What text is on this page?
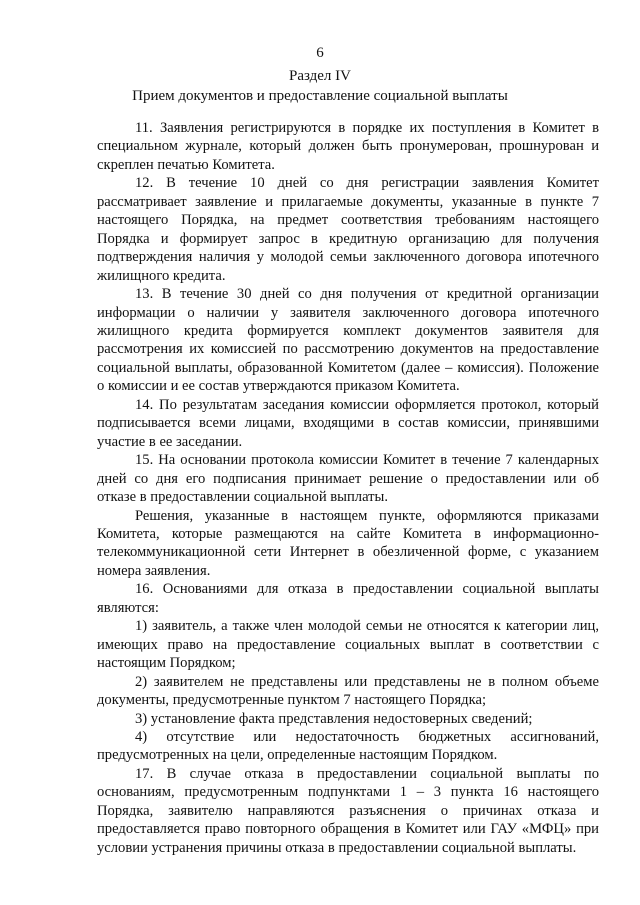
6
Раздел IV
Прием документов и предоставление социальной выплаты

11. Заявления регистрируются в порядке их поступления в Комитет в специальном журнале, который должен быть пронумерован, прошнурован и скреплен печатью Комитета.

12. В течение 10 дней со дня регистрации заявления Комитет рассматривает заявление и прилагаемые документы, указанные в пункте 7 настоящего Порядка, на предмет соответствия требованиям настоящего Порядка и формирует запрос в кредитную организацию для получения подтверждения наличия у молодой семьи заключенного договора ипотечного жилищного кредита.

13. В течение 30 дней со дня получения от кредитной организации информации о наличии у заявителя заключенного договора ипотечного жилищного кредита формируется комплект документов заявителя для рассмотрения их комиссией по рассмотрению документов на предоставление социальной выплаты, образованной Комитетом (далее – комиссия). Положение о комиссии и ее состав утверждаются приказом Комитета.

14. По результатам заседания комиссии оформляется протокол, который подписывается всеми лицами, входящими в состав комиссии, принявшими участие в ее заседании.

15. На основании протокола комиссии Комитет в течение 7 календарных дней со дня его подписания принимает решение о предоставлении или об отказе в предоставлении социальной выплаты.

Решения, указанные в настоящем пункте, оформляются приказами Комитета, которые размещаются на сайте Комитета в информационно-телекоммуникационной сети Интернет в обезличенной форме, с указанием номера заявления.

16. Основаниями для отказа в предоставлении социальной выплаты являются:

1) заявитель, а также член молодой семьи не относятся к категории лиц, имеющих право на предоставление социальных выплат в соответствии с настоящим Порядком;

2) заявителем не представлены или представлены не в полном объеме документы, предусмотренные пунктом 7 настоящего Порядка;

3) установление факта представления недостоверных сведений;

4) отсутствие или недостаточность бюджетных ассигнований, предусмотренных на цели, определенные настоящим Порядком.

17. В случае отказа в предоставлении социальной выплаты по основаниям, предусмотренным подпунктами 1 – 3 пункта 16 настоящего Порядка, заявителю направляются разъяснения о причинах отказа и предоставляется право повторного обращения в Комитет или ГАУ «МФЦ» при условии устранения причины отказа в предоставлении социальной выплаты.
